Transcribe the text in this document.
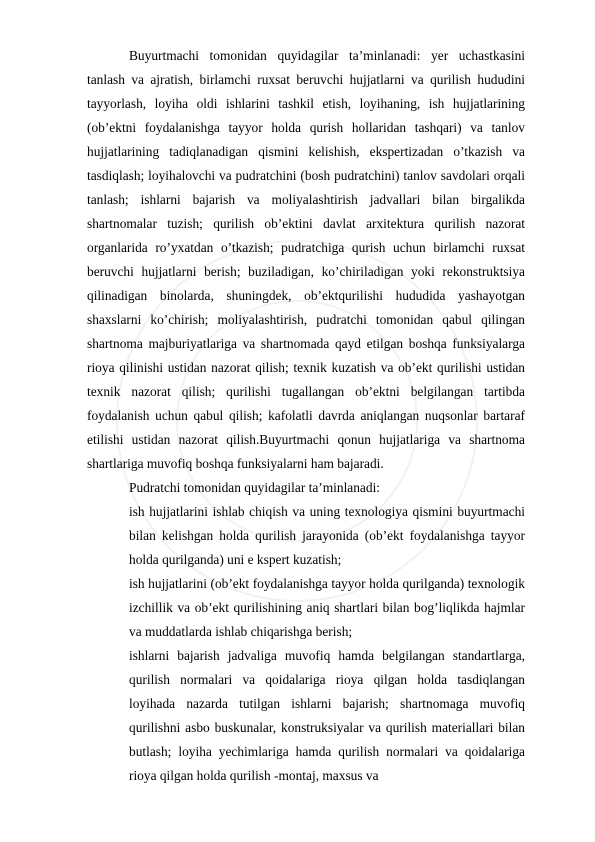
Buyurtmachi tomonidan quyidagilar ta’minlanadi: yer uchastkasini tanlash va ajratish, birlamchi ruxsat beruvchi hujjatlarni va qurilish hududini tayyorlash, loyiha oldi ishlarini tashkil etish, loyihaning, ish hujjatlarining (ob’ektni foydalanishga tayyor holda qurish hollaridan tashqari) va tanlov hujjatlarining tadiqlanadigan qismini kelishish, ekspertizadan o’tkazish va tasdiqlash; loyihalovchi va pudratchini (bosh pudratchini) tanlov savdolari orqali tanlash; ishlarni bajarish va moliyalashtirish jadvallari bilan birgalikda shartnomalar tuzish; qurilish ob’ektini davlat arxitektura qurilish nazorat organlarida ro’yxatdan o’tkazish; pudratchiga qurish uchun birlamchi ruxsat beruvchi hujjatlarni berish; buziladigan, ko’chiriladigan yoki rekonstruktsiya qilinadigan binolarda, shuningdek, ob’ektqurilishi hududida yashayotgan shaxslarni ko’chirish; moliyalashtirish, pudratchi tomonidan qabul qilingan shartnoma majburiyatlariga va shartnomada qayd etilgan boshqa funksiyalarga rioya qilinishi ustidan nazorat qilish; texnik kuzatish va ob’ekt qurilishi ustidan texnik nazorat qilish; qurilishi tugallangan ob’ektni belgilangan tartibda foydalanish uchun qabul qilish; kafolatli davrda aniqlangan nuqsonlar bartaraf etilishi ustidan nazorat qilish.Buyurtmachi qonun hujjatlariga va shartnoma shartlariga muvofiq boshqa funksiyalarni ham bajaradi.

Pudratchi tomonidan quyidagilar ta’minlanadi:

ish hujjatlarini ishlab chiqish va uning texnologiya qismini buyurtmachi bilan kelishgan holda qurilish jarayonida (ob’ekt foydalanishga tayyor holda qurilganda) uni e kspert kuzatish;

ish hujjatlarini (ob’ekt foydalanishga tayyor holda qurilganda) texnologik izchillik va ob’ekt qurilishining aniq shartlari bilan bog’liqlikda hajmlar va muddatlarda ishlab chiqarishga berish;

ishlarni bajarish jadvaliga muvofiq hamda belgilangan standartlarga, qurilish normalari va qoidalariga rioya qilgan holda tasdiqlangan loyihada nazarda tutilgan ishlarni bajarish; shartnomaga muvofiq qurilishni asbo buskunalar, konstruksiyalar va qurilish materiallari bilan butlash; loyiha yechimlariga hamda qurilish normalari va qoidalariga rioya qilgan holda qurilish -montaj, maxsus va
